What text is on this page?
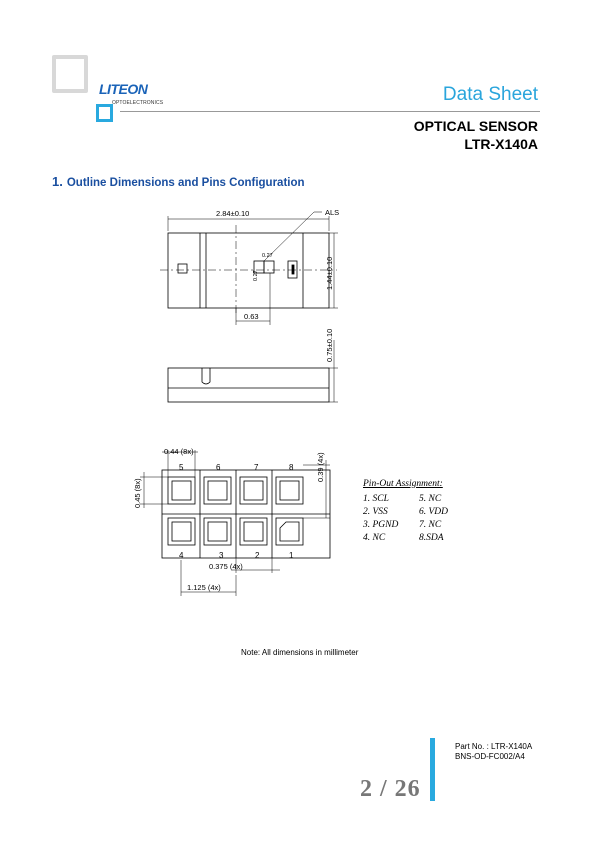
LITEON
OPTOELECTRONICS	Data Sheet
OPTICAL SENSOR
LTR-X140A
1. Outline Dimensions and Pins Configuration
2.84±0.10	ALS
0.27
0.27
0.63
0.44 (8x)
0.375 (4x)
1.125 (4x)
1.44±0.10
0.75±0.10
0.45 (8x)
0.39 (4x)
5	6	7	8
4	3	2	1
Pin-Out Assignment:
1. SCL	5. NC
2. VSS	6. VDD
3. PGND 7. NC
4. NC	8.SDA
Note: All dimensions in millimeter
Part No. : LTR-X140A
BNS-OD-FC002/A4
2 / 26
